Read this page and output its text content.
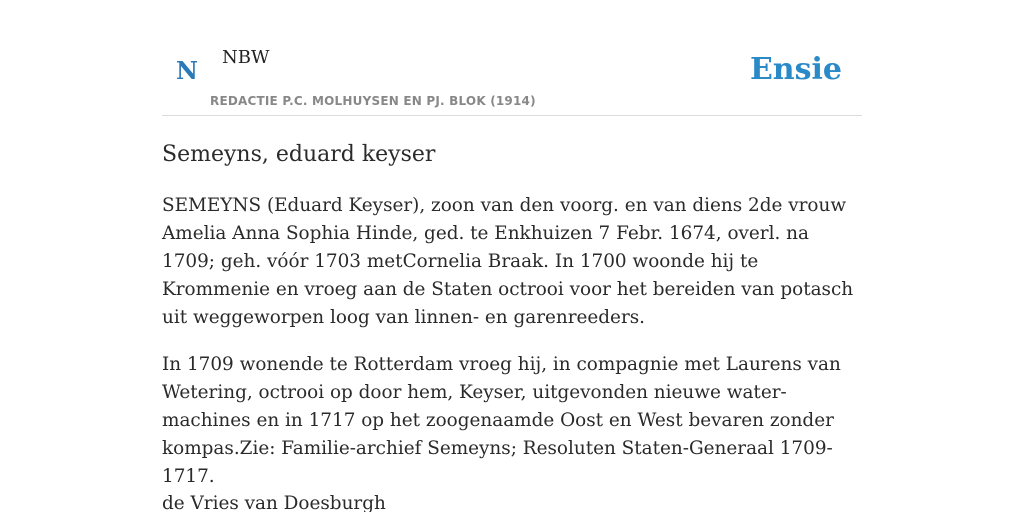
N NBW
REDACTIE P.C. MOLHUYSEN EN PJ. BLOK (1914)
Ensie
Semeyns, eduard keyser

SEMEYNS (Eduard Keyser), zoon van den voorg. en van diens 2de vrouw Amelia Anna Sophia Hinde, ged. te Enkhuizen 7 Febr. 1674, overl. na 1709; geh. vóór 1703 metCornelia Braak. In 1700 woonde hij te Krommenie en vroeg aan de Staten octrooi voor het bereiden van potasch uit weggeworpen loog van linnen- en garenreeders.

In 1709 wonende te Rotterdam vroeg hij, in compagnie met Laurens van Wetering, octrooi op door hem, Keyser, uitgevonden nieuwe water-machines en in 1717 op het zoogenaamde Oost en West bevaren zonder kompas.Zie: Familie-archief Semeyns; Resoluten Staten-Generaal 1709-1717.

de Vries van Doesburgh
